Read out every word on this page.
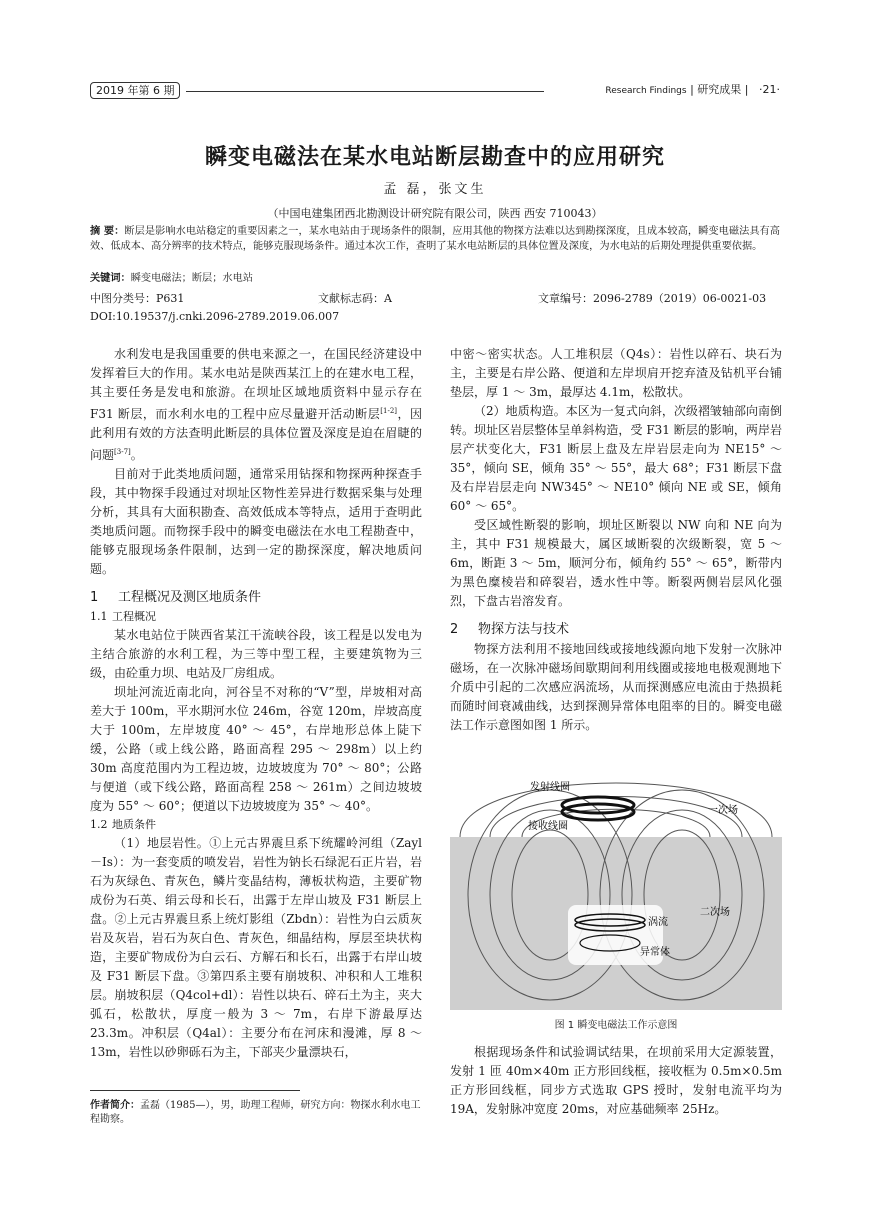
2019 年第 6 期	Research Findings | 研究成果 |   ·21·
瞬变电磁法在某水电站断层勘查中的应用研究
孟 磊，张文生
（中国电建集团西北勘测设计研究院有限公司，陕西 西安 710043）
摘 要：断层是影响水电站稳定的重要因素之一，某水电站由于现场条件的限制，应用其他的物探方法难以达到勘探深度，且成本较高，瞬变电磁法具有高效、低成本、高分辨率的技术特点，能够克服现场条件。通过本次工作，查明了某水电站断层的具体位置及深度，为水电站的后期处理提供重要依据。
关键词：瞬变电磁法；断层；水电站
中图分类号：P631	文献标志码：A	文章编号：2096-2789（2019）06-0021-03
DOI:10.19537/j.cnki.2096-2789.2019.06.007

水利发电是我国重要的供电来源之一，在国民经济建设中发挥着巨大的作用。某水电站是陕西某江上的在建水电工程，其主要任务是发电和旅游。在坝址区域地质资料中显示存在 F31 断层，而水利水电的工程中应尽量避开活动断层[1-2]，因此利用有效的方法查明此断层的具体位置及深度是迫在眉睫的问题[3-7]。

目前对于此类地质问题，通常采用钻探和物探两种探查手段，其中物探手段通过对坝址区物性差异进行数据采集与处理分析，其具有大面积勘查、高效低成本等特点，适用于查明此类地质问题。而物探手段中的瞬变电磁法在水电工程勘查中，能够克服现场条件限制，达到一定的勘探深度，解决地质问题。

1 工程概况及测区地质条件
1.1 工程概况

某水电站位于陕西省某江干流峡谷段，该工程是以发电为主结合旅游的水利工程，为三等中型工程，主要建筑物为三级，由砼重力坝、电站及厂房组成。

坝址河流近南北向，河谷呈不对称的“V”型，岸坡相对高差大于 100m，平水期河水位 246m，谷宽 120m，岸坡高度大于 100m，左岸坡度 40° ～ 45°，右岸地形总体上陡下缓，公路（或上线公路，路面高程 295 ～ 298m）以上约 30m 高度范围内为工程边坡，边坡坡度为 70° ～ 80°；公路与便道（或下线公路，路面高程 258 ～ 261m）之间边坡坡度为 55° ～ 60°；便道以下边坡坡度为 35° ～ 40°。

1.2 地质条件

（1）地层岩性。①上元古界震旦系下统耀岭河组（Zayl－Is）：为一套变质的喷发岩，岩性为钠长石绿泥石正片岩，岩石为灰绿色、青灰色，鳞片变晶结构，薄板状构造，主要矿物成份为石英、绢云母和长石，出露于左岸山坡及 F31 断层上盘。②上元古界震旦系上统灯影组（Zbdn）：岩性为白云质灰岩及灰岩，岩石为灰白色、青灰色，细晶结构，厚层至块状构造，主要矿物成份为白云石、方解石和长石，出露于右岸山坡及 F31 断层下盘。③第四系主要有崩坡积、冲积和人工堆积层。崩坡积层（Q4col+dl）：岩性以块石、碎石土为主，夹大弧石，松散状，厚度一般为 3 ～ 7m，右岸下游最厚达 23.3m。冲积层（Q4al）：主要分布在河床和漫滩，厚 8 ～ 13m，岩性以砂卵砾石为主，下部夹少量漂块石，

中密～密实状态。人工堆积层（Q4s）：岩性以碎石、块石为主，主要是右岸公路、便道和左岸坝肩开挖弃渣及钻机平台铺垫层，厚 1 ～ 3m，最厚达 4.1m，松散状。

（2）地质构造。本区为一复式向斜，次级褶皱轴部向南倒转。坝址区岩层整体呈单斜构造，受 F31 断层的影响，两岸岩层产状变化大，F31 断层上盘及左岸岩层走向为 NE15° ～ 35°，倾向 SE，倾角 35° ～ 55°，最大 68°；F31 断层下盘及右岸岩层走向 NW345° ～ NE10° 倾向 NE 或 SE，倾角 60° ～ 65°。

受区域性断裂的影响，坝址区断裂以 NW 向和 NE 向为主，其中 F31 规模最大，属区域断裂的次级断裂，宽 5 ～ 6m，断距 3 ～ 5m，顺河分布，倾角约 55° ～ 65°，断带内为黑色糜棱岩和碎裂岩，透水性中等。断裂两侧岩层风化强烈，下盘古岩溶发育。

2 物探方法与技术

物探方法利用不接地回线或接地线源向地下发射一次脉冲磁场，在一次脉冲磁场间歇期间利用线圈或接地电极观测地下介质中引起的二次感应涡流场，从而探测感应电流由于热损耗而随时间衰减曲线，达到探测异常体电阻率的目的。瞬变电磁法工作示意图如图 1 所示。

发射线圈
接收线圈
一次场
涡流
二次场
异常体
图 1 瞬变电磁法工作示意图

根据现场条件和试验调试结果，在坝前采用大定源装置，发射 1 匝 40m×40m 正方形回线框，接收框为 0.5m×0.5m 正方形回线框，同步方式选取 GPS 授时，发射电流平均为 19A，发射脉冲宽度 20ms，对应基础频率 25Hz。

作者简介：孟磊（1985—），男，助理工程师，研究方向：物探水利水电工程勘察。
